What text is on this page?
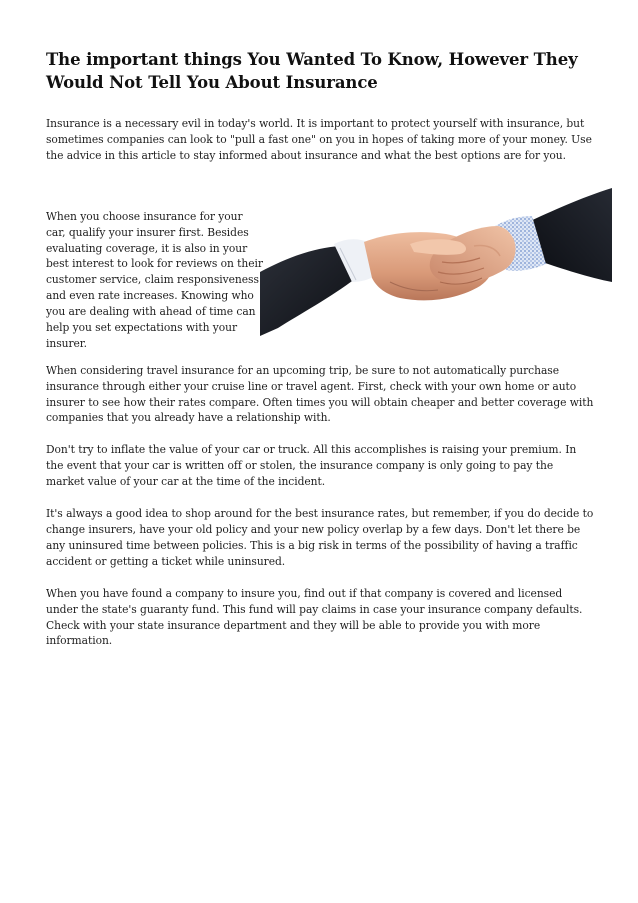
The important things You Wanted To Know, However They Would Not Tell You About Insurance

Insurance is a necessary evil in today's world. It is important to protect yourself with insurance, but sometimes companies can look to "pull a fast one" on you in hopes of taking more of your money. Use the advice in this article to stay informed about insurance and what the best options are for you.

When you choose insurance for your car, qualify your insurer first. Besides evaluating coverage, it is also in your best interest to look for reviews on their customer service, claim responsiveness and even rate increases. Knowing who you are dealing with ahead of time can help you set expectations with your insurer.

When considering travel insurance for an upcoming trip, be sure to not automatically purchase insurance through either your cruise line or travel agent. First, check with your own home or auto insurer to see how their rates compare. Often times you will obtain cheaper and better coverage with companies that you already have a relationship with.

Don't try to inflate the value of your car or truck. All this accomplishes is raising your premium. In the event that your car is written off or stolen, the insurance company is only going to pay the market value of your car at the time of the incident.

It's always a good idea to shop around for the best insurance rates, but remember, if you do decide to change insurers, have your old policy and your new policy overlap by a few days. Don't let there be any uninsured time between policies. This is a big risk in terms of the possibility of having a traffic accident or getting a ticket while uninsured.

When you have found a company to insure you, find out if that company is covered and licensed under the state's guaranty fund. This fund will pay claims in case your insurance company defaults. Check with your state insurance department and they will be able to provide you with more information.
